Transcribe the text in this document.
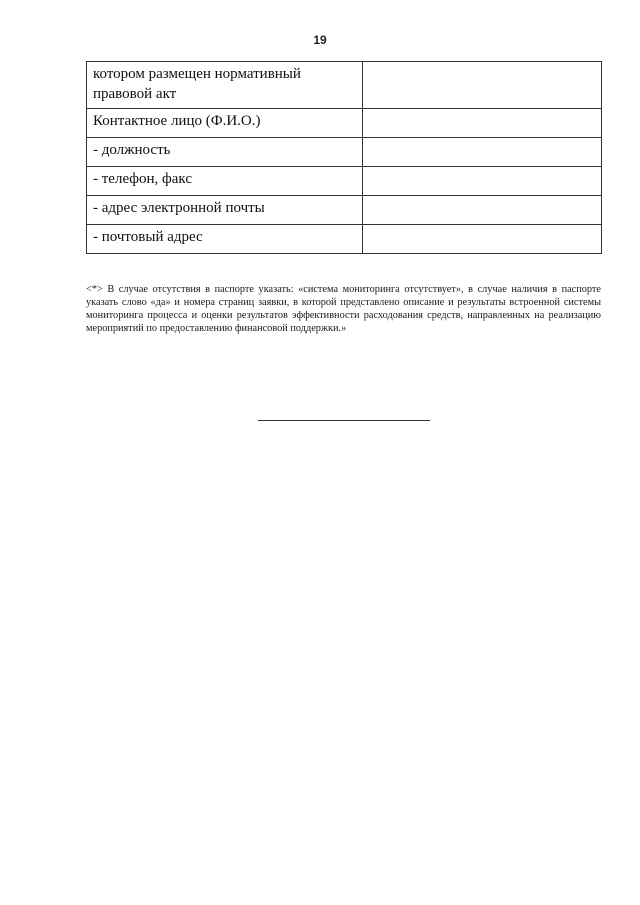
19
котором размещен нормативный
правовой акт	

Контактное лицо (Ф.И.О.)	
- должность	
- телефон, факс	
- адрес электронной почты	
- почтовый адрес	
<*> В случае отсутствия в паспорте указать: «система мониторинга отсутствует», в случае наличия в паспорте указать слово «да» и номера страниц заявки, в которой представлено описание и результаты встроенной системы мониторинга процесса и оценки результатов эффективности расходования средств, направленных на реализацию мероприятий по предоставлению финансовой поддержки.»
